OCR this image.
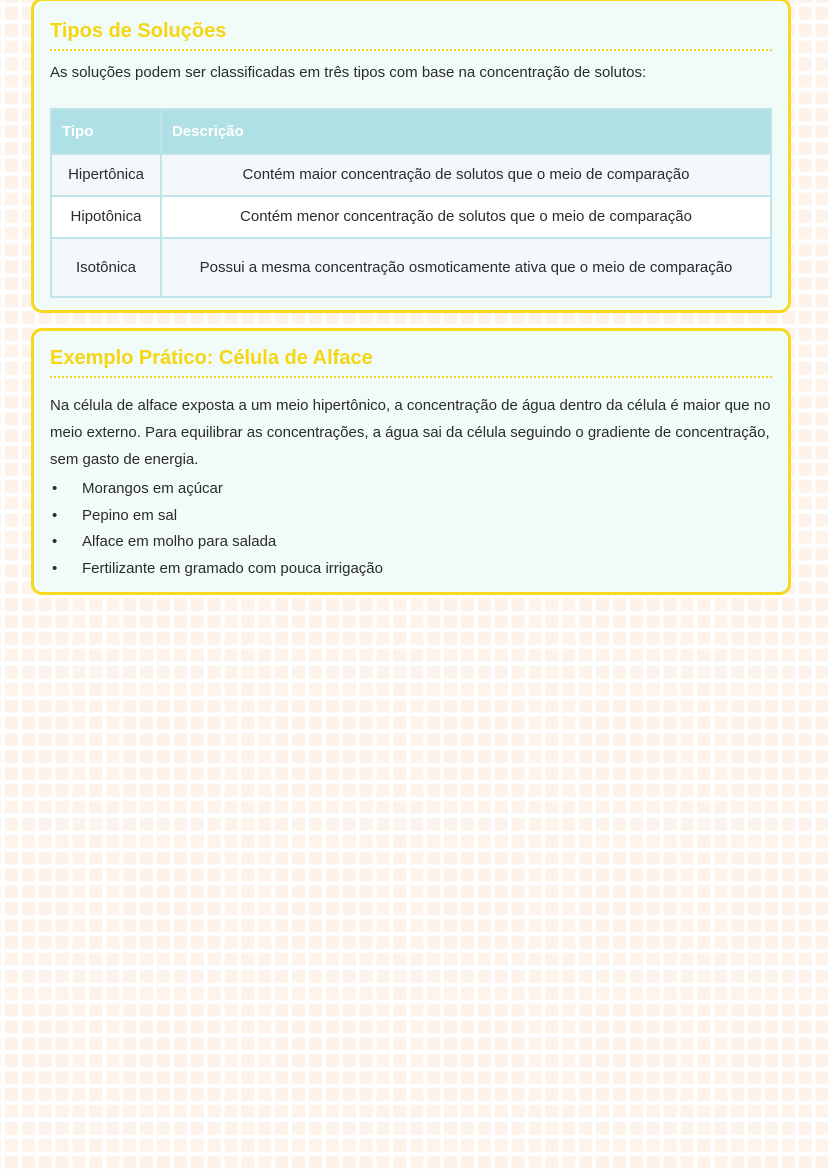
Tipos de Soluções

As soluções podem ser classificadas em três tipos com base na concentração de solutos:

Tipo	Descrição
Hipertônica	Contém maior concentração de solutos que o meio de comparação
Hipotônica	Contém menor concentração de solutos que o meio de comparação
Isotônica	Possui a mesma concentração osmoticamente ativa que o meio de comparação
Exemplo Prático: Célula de Alface

Na célula de alface exposta a um meio hipertônico, a concentração de água dentro da célula é maior que no meio externo. Para equilibrar as concentrações, a água sai da célula seguindo o gradiente de concentração, sem gasto de energia.

• Morangos em açúcar
• Pepino em sal
• Alface em molho para salada
• Fertilizante em gramado com pouca irrigação
